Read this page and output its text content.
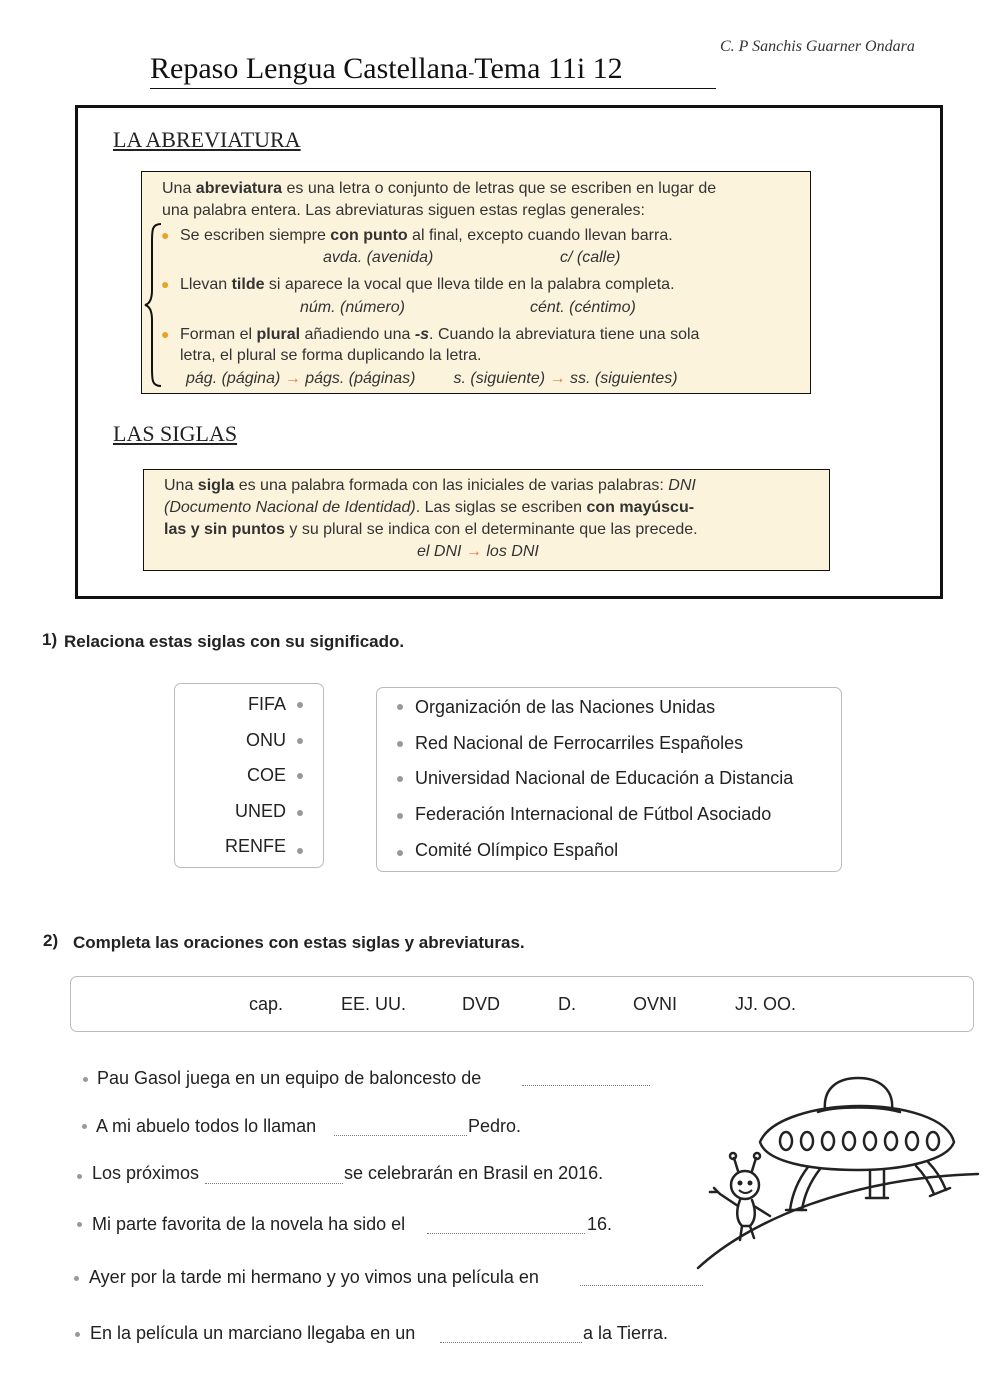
C. P Sanchis Guarner Ondara
Repaso Lengua Castellana-Tema 11i 12
LA ABREVIATURA
Una abreviatura es una letra o conjunto de letras que se escriben en lugar de
una palabra entera. Las abreviaturas siguen estas reglas generales:
● Se escriben siempre con punto al final, excepto cuando llevan barra.
avda. (avenida)	c/ (calle)
● Llevan tilde si aparece la vocal que lleva tilde en la palabra completa.
núm. (número)	cént. (céntimo)
● Forman el plural añadiendo una -s. Cuando la abreviatura tiene una sola
letra, el plural se forma duplicando la letra.
pág. (página) → págs. (páginas) s. (siguiente) → ss. (siguientes)
LAS SIGLAS
Una sigla es una palabra formada con las iniciales de varias palabras: DNI
(Documento Nacional de Identidad). Las siglas se escriben con mayúscu-
las y sin puntos y su plural se indica con el determinante que las precede.
el DNI → los DNI
1) Relaciona estas siglas con su significado.
FIFA
ONU
COE
UNED
RENFE
Organización de las Naciones Unidas
Red Nacional de Ferrocarriles Españoles
Universidad Nacional de Educación a Distancia
Federación Internacional de Fútbol Asociado
Comité Olímpico Español
2) Completa las oraciones con estas siglas y abreviaturas.
cap.	EE. UU.	DVD	D.	OVNI	JJ. OO.
Pau Gasol juega en un equipo de baloncesto de
A mi abuelo todos lo llaman	Pedro.
Los próximos	se celebrarán en Brasil en 2016.
Mi parte favorita de la novela ha sido el	16.
Ayer por la tarde mi hermano y yo vimos una película en
En la película un marciano llegaba en un	a la Tierra.
